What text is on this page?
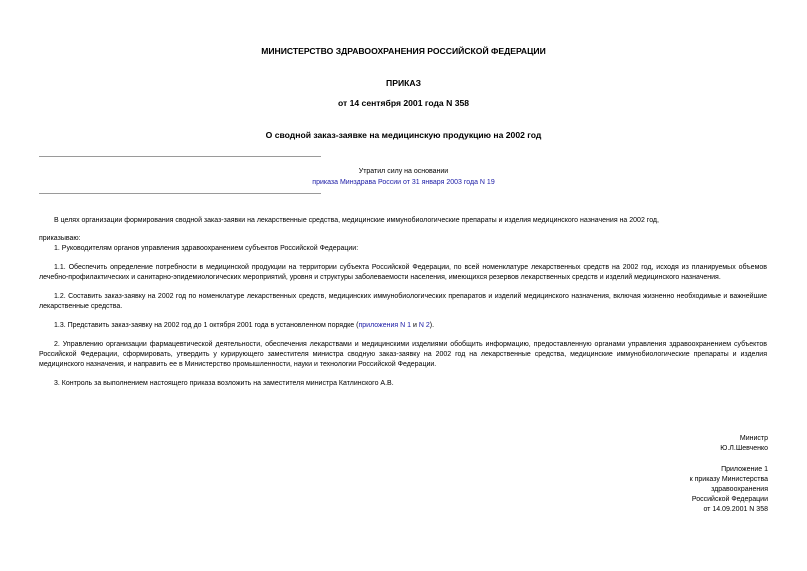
МИНИСТЕРСТВО ЗДРАВООХРАНЕНИЯ РОССИЙСКОЙ ФЕДЕРАЦИИ
ПРИКАЗ
от 14 сентября 2001 года N 358
О сводной заказ-заявке на медицинскую продукцию на 2002 год
Утратил силу на основании
приказа Минздрава России от 31 января 2003 года N 19

В целях организации формирования сводной заказ-заявки на лекарственные средства, медицинские иммунобиологические препараты и изделия медицинского назначения на 2002 год,

приказываю:

1. Руководителям органов управления здравоохранением субъектов Российской Федерации:

1.1. Обеспечить определение потребности в медицинской продукции на территории субъекта Российской Федерации, по всей номенклатуре лекарственных средств на 2002 год, исходя из планируемых объемов лечебно-профилактических и санитарно-эпидемиологических мероприятий, уровня и структуры заболеваемости населения, имеющихся резервов лекарственных средств и изделий медицинского назначения.

1.2. Составить заказ-заявку на 2002 год по номенклатуре лекарственных средств, медицинских иммунобиологических препаратов и изделий медицинского назначения, включая жизненно необходимые и важнейшие лекарственные средства.

1.3. Представить заказ-заявку на 2002 год до 1 октября 2001 года в установленном порядке (приложения N 1 и N 2).

2. Управлению организации фармацевтической деятельности, обеспечения лекарствами и медицинскими изделиями обобщить информацию, предоставленную органами управления здравоохранением субъектов Российской Федерации, сформировать, утвердить у курирующего заместителя министра сводную заказ-заявку на 2002 год на лекарственные средства, медицинские иммунобиологические препараты и изделия медицинского назначения, и направить ее в Министерство промышленности, науки и технологии Российской Федерации.

3. Контроль за выполнением настоящего приказа возложить на заместителя министра Катлинского А.В.

Министр
Ю.Л.Шевченко
Приложение 1
к приказу Министерства
здравоохранения
Российской Федерации
от 14.09.2001 N 358
